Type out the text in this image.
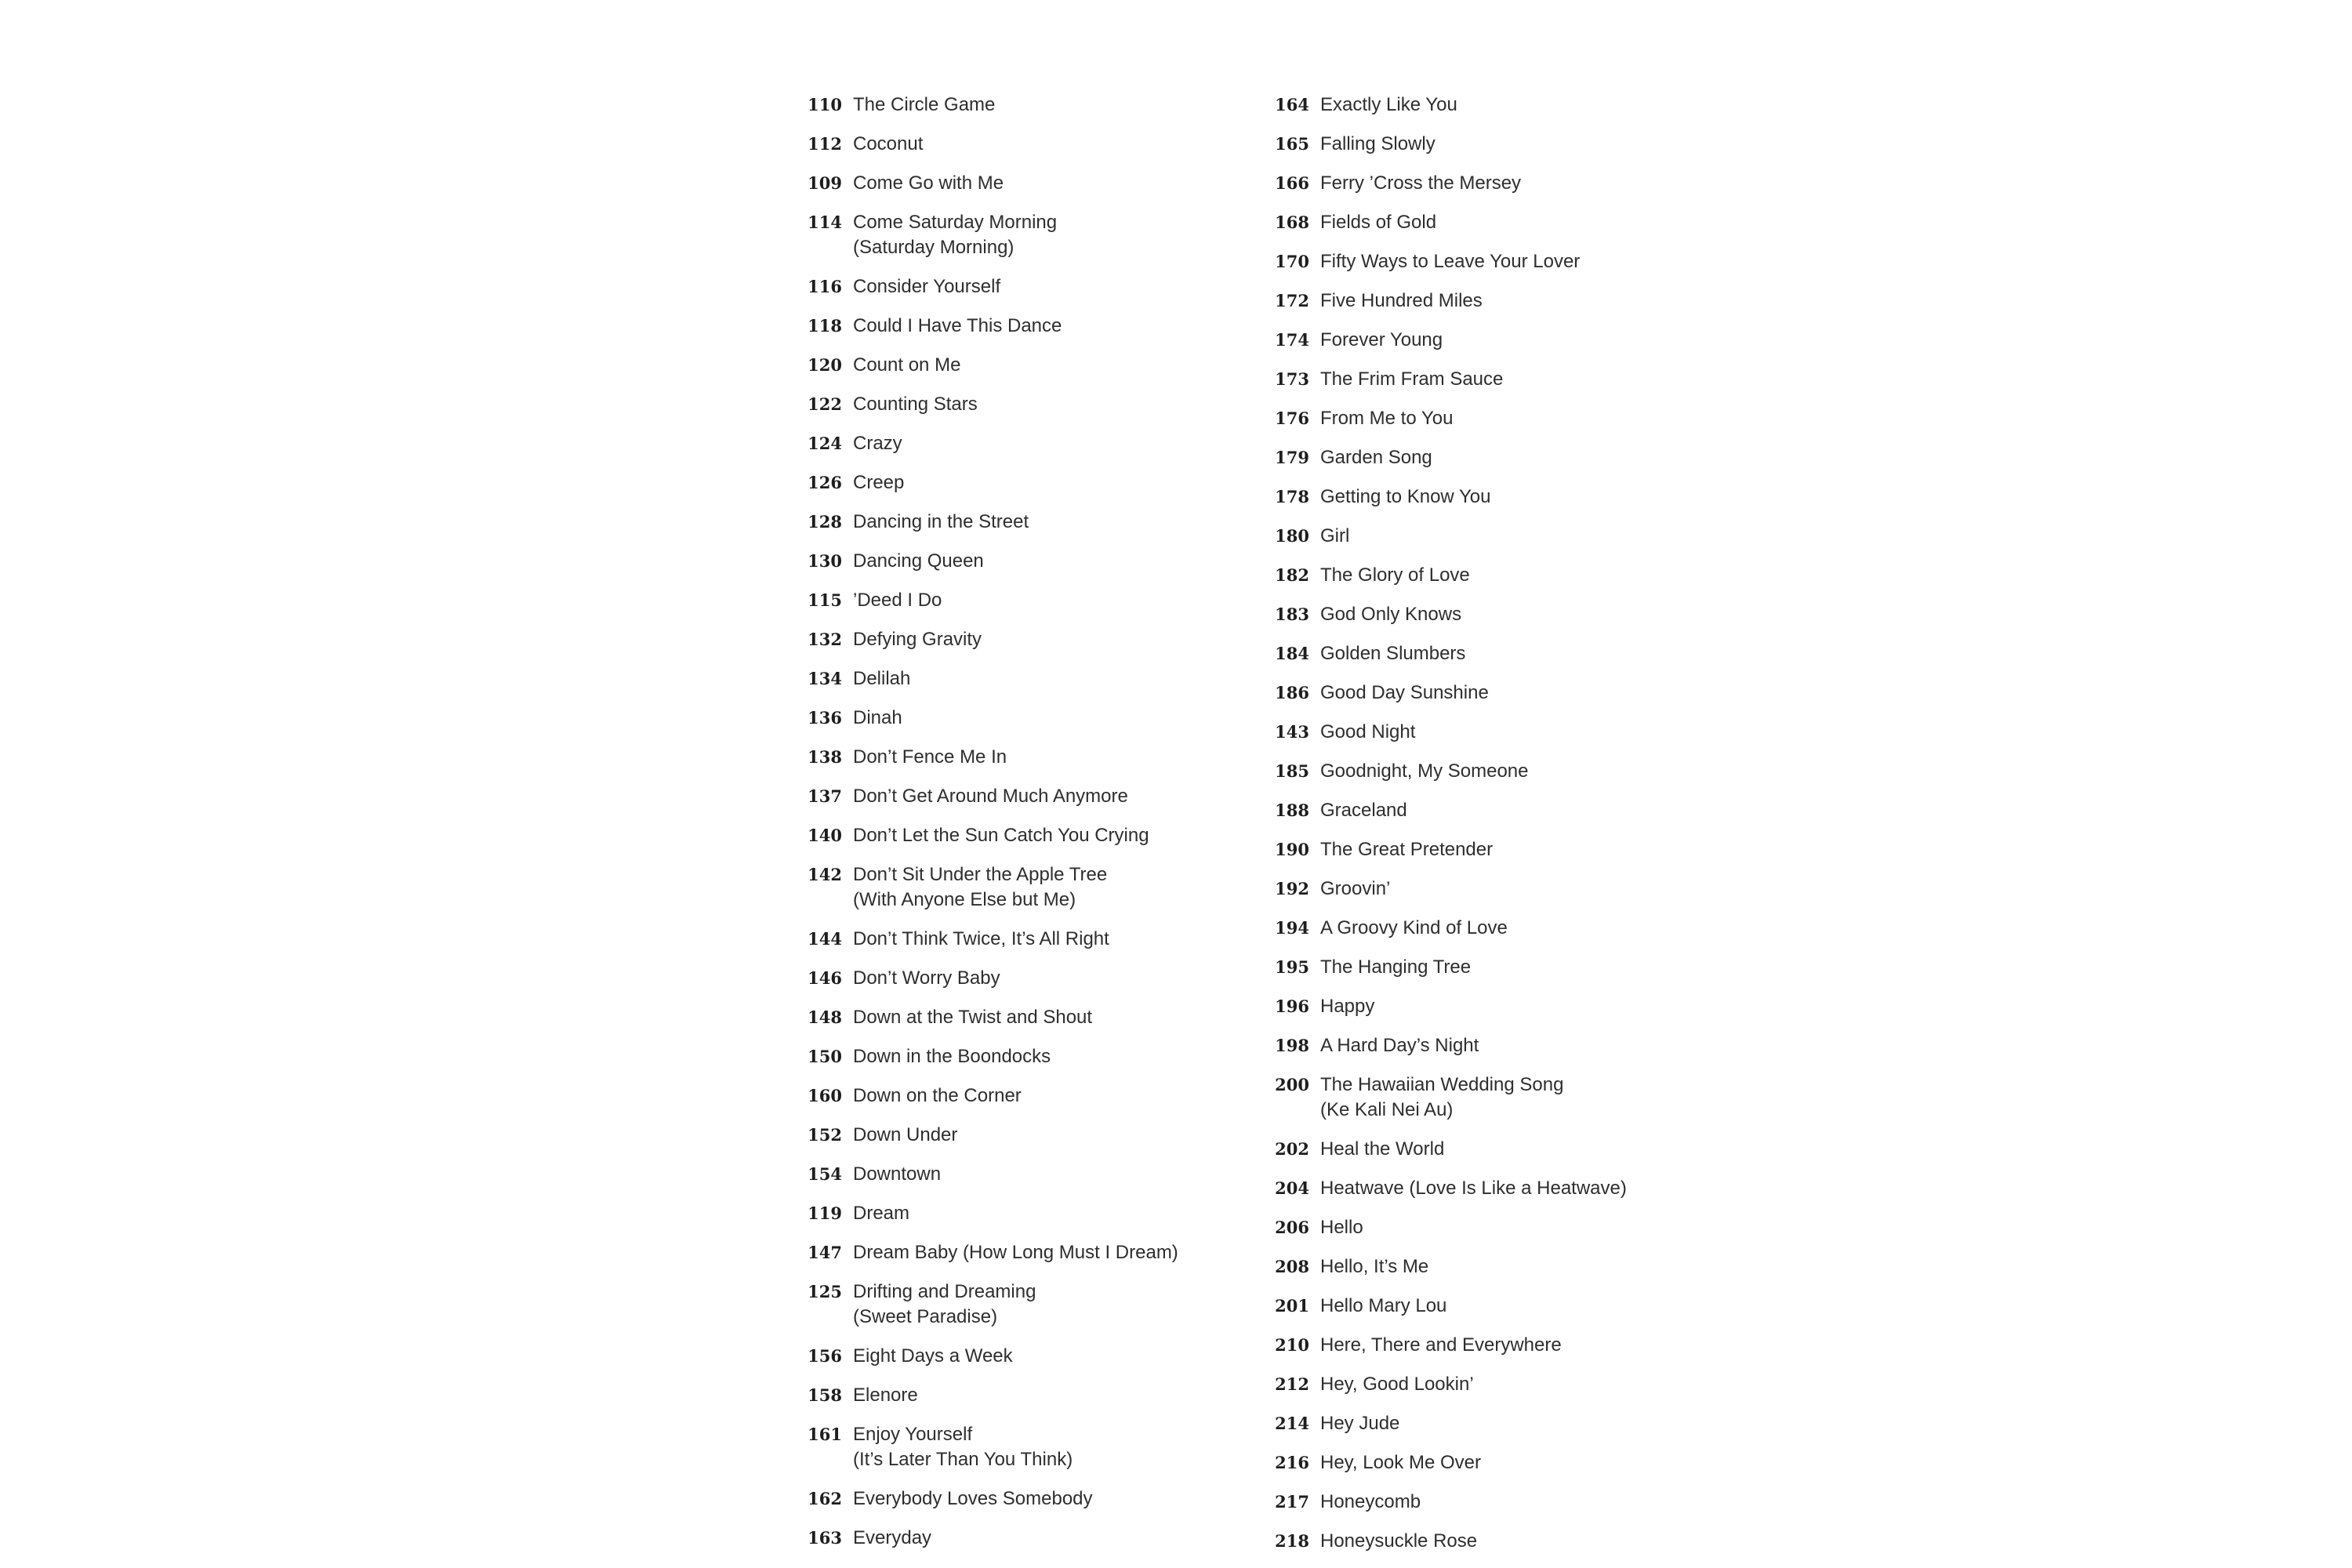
110 The Circle Game
112 Coconut
109 Come Go with Me
114 Come Saturday Morning
(Saturday Morning)
116 Consider Yourself
118 Could I Have This Dance
120 Count on Me
122 Counting Stars
124 Crazy
126 Creep
128 Dancing in the Street
130 Dancing Queen
115 ’Deed I Do
132 Defying Gravity
134 Delilah
136 Dinah
138 Don’t Fence Me In
137 Don’t Get Around Much Anymore
140 Don’t Let the Sun Catch You Crying
142 Don’t Sit Under the Apple Tree
(With Anyone Else but Me)
144 Don’t Think Twice, It’s All Right
146 Don’t Worry Baby
148 Down at the Twist and Shout
150 Down in the Boondocks
160 Down on the Corner
152 Down Under
154 Downtown
119 Dream
147 Dream Baby (How Long Must I Dream)
125 Drifting and Dreaming
(Sweet Paradise)
156 Eight Days a Week
158 Elenore
161 Enjoy Yourself
(It’s Later Than You Think)
162 Everybody Loves Somebody
163 Everyday
164 Exactly Like You
165 Falling Slowly
166 Ferry ’Cross the Mersey
168 Fields of Gold
170 Fifty Ways to Leave Your Lover
172 Five Hundred Miles
174 Forever Young
173 The Frim Fram Sauce
176 From Me to You
179 Garden Song
178 Getting to Know You
180 Girl
182 The Glory of Love
183 God Only Knows
184 Golden Slumbers
186 Good Day Sunshine
143 Good Night
185 Goodnight, My Someone
188 Graceland
190 The Great Pretender
192 Groovin’
194 A Groovy Kind of Love
195 The Hanging Tree
196 Happy
198 A Hard Day’s Night
200 The Hawaiian Wedding Song
(Ke Kali Nei Au)
202 Heal the World
204 Heatwave (Love Is Like a Heatwave)
206 Hello
208 Hello, It’s Me
201 Hello Mary Lou
210 Here, There and Everywhere
212 Hey, Good Lookin’
214 Hey Jude
216 Hey, Look Me Over
217 Honeycomb
218 Honeysuckle Rose
